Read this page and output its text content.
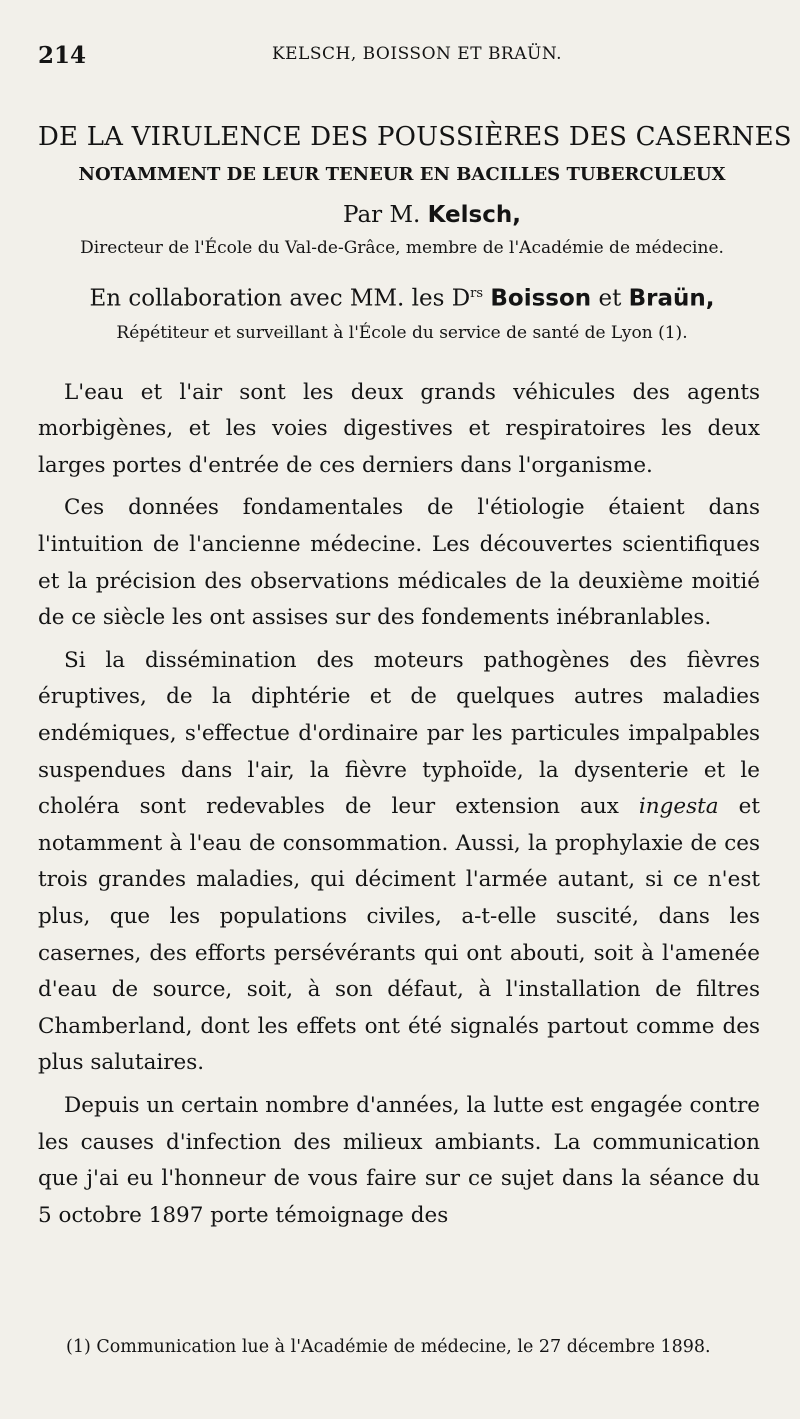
214	KELSCH, BOISSON ET BRAÜN.
DE LA VIRULENCE DES POUSSIÈRES DES CASERNES
NOTAMMENT DE LEUR TENEUR EN BACILLES TUBERCULEUX
Par M. Kelsch,
Directeur de l'École du Val-de-Grâce, membre de l'Académie de médecine.
En collaboration avec MM. les $D^{rs}$ Boisson et Braün,
Répétiteur et surveillant à l'École du service de santé de Lyon (1).

L'eau et l'air sont les deux grands véhicules des agents morbigènes, et les voies digestives et respiratoires les deux larges portes d'entrée de ces derniers dans l'organisme.

Ces données fondamentales de l'étiologie étaient dans l'intuition de l'ancienne médecine. Les découvertes scientifiques et la précision des observations médicales de la deuxième moitié de ce siècle les ont assises sur des fondements inébranlables.

Si la dissémination des moteurs pathogènes des fièvres éruptives, de la diphtérie et de quelques autres maladies endémiques, s'effectue d'ordinaire par les particules impalpables suspendues dans l'air, la fièvre typhoïde, la dysenterie et le choléra sont redevables de leur extension aux ingesta et notamment à l'eau de consommation. Aussi, la prophylaxie de ces trois grandes maladies, qui déciment l'armée autant, si ce n'est plus, que les populations civiles, a-t-elle suscité, dans les casernes, des efforts persévérants qui ont abouti, soit à l'amenée d'eau de source, soit, à son défaut, à l'installation de filtres Chamberland, dont les effets ont été signalés partout comme des plus salutaires.

Depuis un certain nombre d'années, la lutte est engagée contre les causes d'infection des milieux ambiants. La communication que j'ai eu l'honneur de vous faire sur ce sujet dans la séance du 5 octobre 1897 porte témoignage des

(1) Communication lue à l'Académie de médecine, le 27 décembre 1898.
